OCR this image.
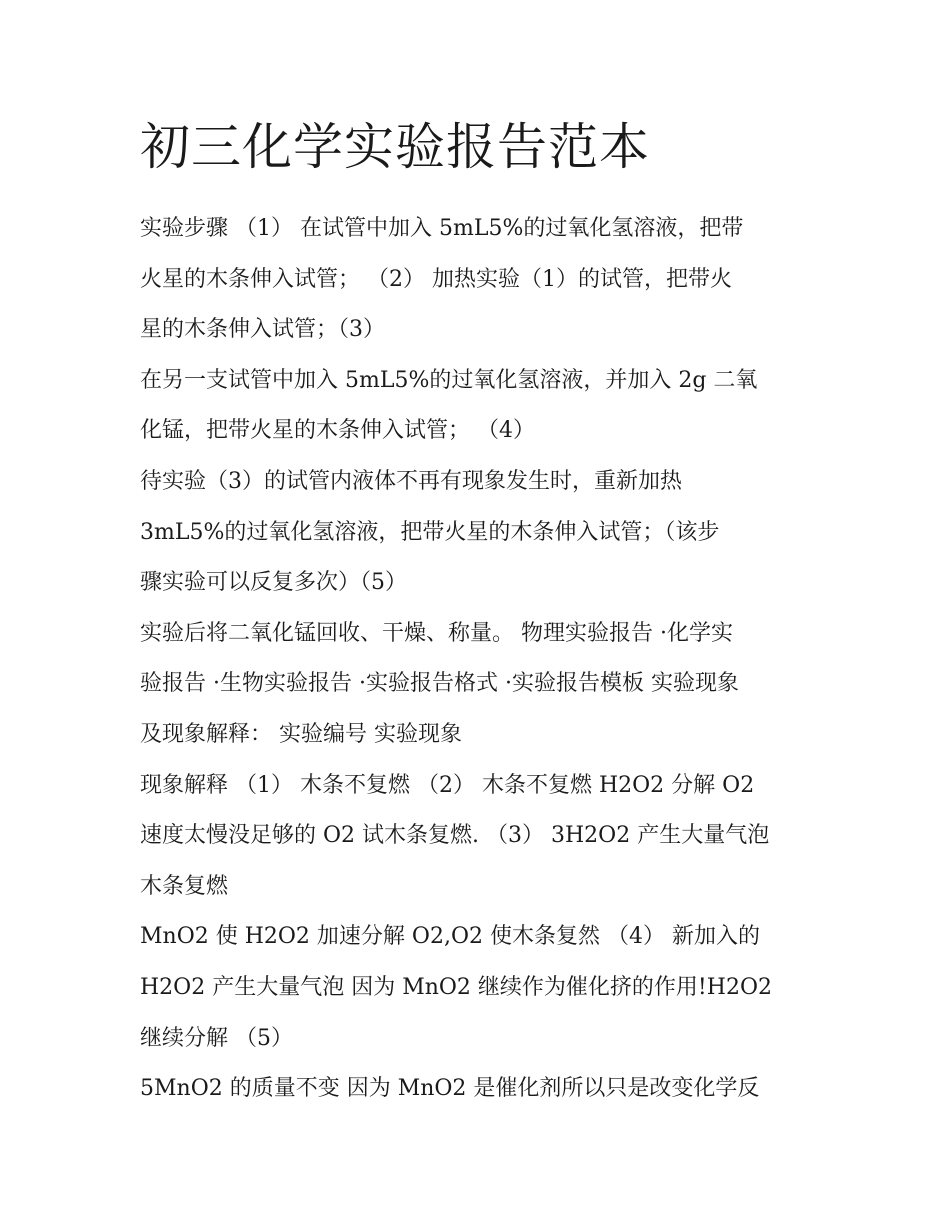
初三化学实验报告范本

实验步骤 （1） 在试管中加入 5mL5%的过氧化氢溶液，把带

火星的木条伸入试管； （2） 加热实验（1）的试管，把带火

星的木条伸入试管；（3）

在另一支试管中加入 5mL5%的过氧化氢溶液，并加入 2g 二氧

化锰，把带火星的木条伸入试管； （4）

待实验（3）的试管内液体不再有现象发生时，重新加热

3mL5%的过氧化氢溶液，把带火星的木条伸入试管；（该步

骤实验可以反复多次）（5）

实验后将二氧化锰回收、干燥、称量。 物理实验报告 ·化学实

验报告 ·生物实验报告 ·实验报告格式 ·实验报告模板 实验现象

及现象解释： 实验编号 实验现象

现象解释 （1） 木条不复燃 （2） 木条不复燃 H2O2 分解 O2

速度太慢没足够的 O2 试木条复燃. （3） 3H2O2 产生大量气泡

木条复燃

MnO2 使 H2O2 加速分解 O2,O2 使木条复然 （4） 新加入的

H2O2 产生大量气泡 因为 MnO2 继续作为催化挤的作用!H2O2

继续分解 （5）

5MnO2 的质量不变 因为 MnO2 是催化剂所以只是改变化学反
